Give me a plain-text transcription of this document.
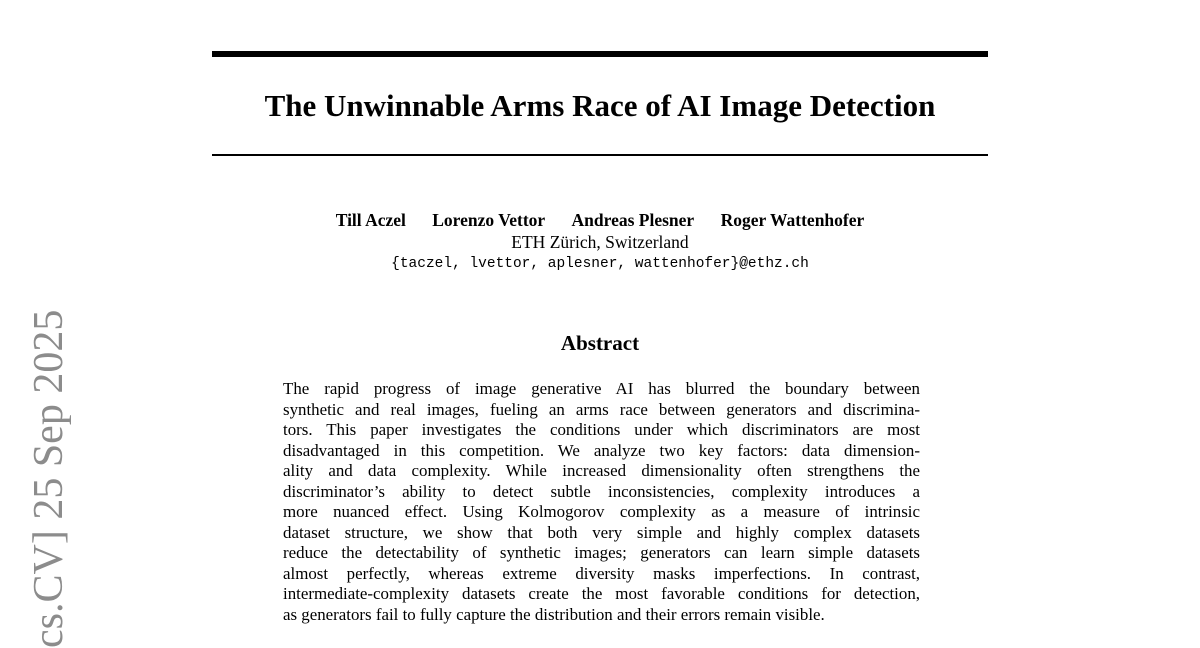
The Unwinnable Arms Race of AI Image Detection
Till Aczel Lorenzo Vettor Andreas Plesner Roger Wattenhofer
ETH Zürich, Switzerland
{taczel, lvettor, aplesner, wattenhofer}@ethz.ch
Abstract
The rapid progress of image generative AI has blurred the boundary between
synthetic and real images, fueling an arms race between generators and discrimina-
tors. This paper investigates the conditions under which discriminators are most
disadvantaged in this competition. We analyze two key factors: data dimension-
ality and data complexity. While increased dimensionality often strengthens the
discriminator’s ability to detect subtle inconsistencies, complexity introduces a
more nuanced effect. Using Kolmogorov complexity as a measure of intrinsic
dataset structure, we show that both very simple and highly complex datasets
reduce the detectability of synthetic images; generators can learn simple datasets
almost perfectly, whereas extreme diversity masks imperfections. In contrast,
intermediate-complexity datasets create the most favorable conditions for detection,
as generators fail to fully capture the distribution and their errors remain visible.
cs.CV] 25 Sep 2025
